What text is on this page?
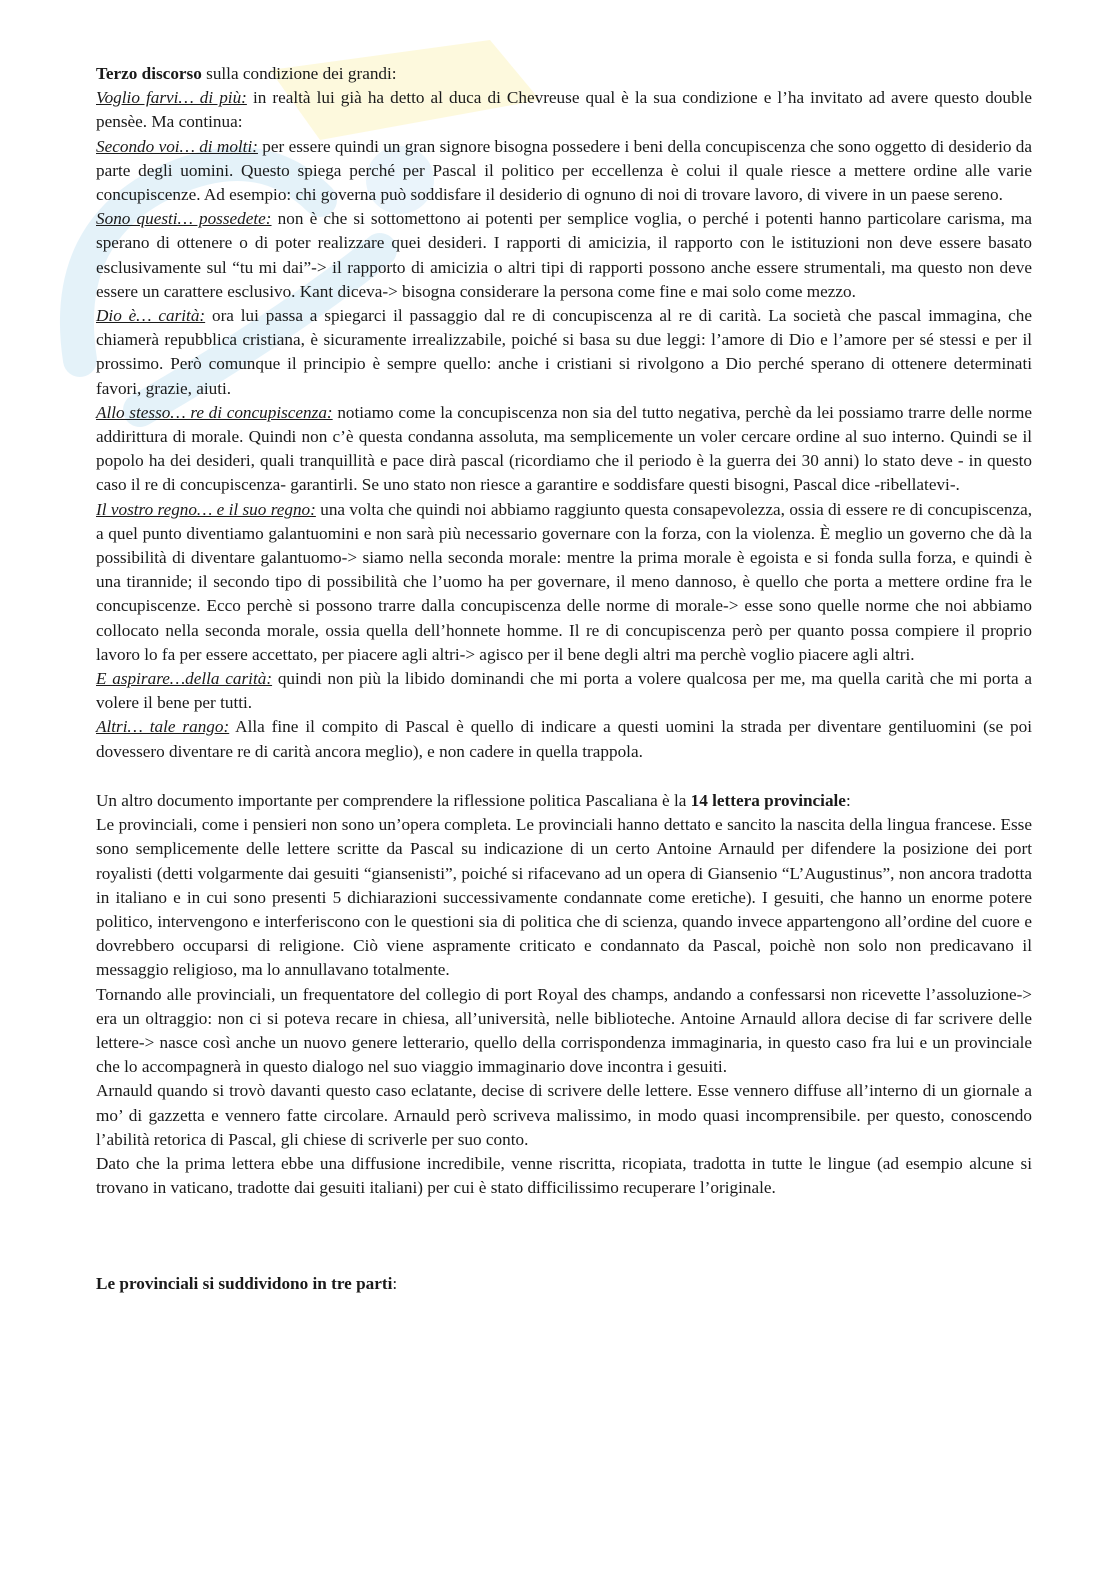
Terzo discorso sulla condizione dei grandi:

Voglio farvi… di più: in realtà lui già ha detto al duca di Chevreuse qual è la sua condizione e l’ha invitato ad avere questo double pensèe. Ma continua:

Secondo voi… di molti: per essere quindi un gran signore bisogna possedere i beni della concupiscenza che sono oggetto di desiderio da parte degli uomini. Questo spiega perché per Pascal il politico per eccellenza è colui il quale riesce a mettere ordine alle varie concupiscenze. Ad esempio: chi governa può soddisfare il desiderio di ognuno di noi di trovare lavoro, di vivere in un paese sereno.

Sono questi… possedete: non è che si sottomettono ai potenti per semplice voglia, o perché i potenti hanno particolare carisma, ma sperano di ottenere o di poter realizzare quei desideri. I rapporti di amicizia, il rapporto con le istituzioni non deve essere basato esclusivamente sul “tu mi dai”-> il rapporto di amicizia o altri tipi di rapporti possono anche essere strumentali, ma questo non deve essere un carattere esclusivo. Kant diceva-> bisogna considerare la persona come fine e mai solo come mezzo.

Dio è… carità: ora lui passa a spiegarci il passaggio dal re di concupiscenza al re di carità. La società che pascal immagina, che chiamerà repubblica cristiana, è sicuramente irrealizzabile, poiché si basa su due leggi: l’amore di Dio e l’amore per sé stessi e per il prossimo. Però comunque il principio è sempre quello: anche i cristiani si rivolgono a Dio perché sperano di ottenere determinati favori, grazie, aiuti.

Allo stesso… re di concupiscenza: notiamo come la concupiscenza non sia del tutto negativa, perchè da lei possiamo trarre delle norme addirittura di morale. Quindi non c’è questa condanna assoluta, ma semplicemente un voler cercare ordine al suo interno. Quindi se il popolo ha dei desideri, quali tranquillità e pace dirà pascal (ricordiamo che il periodo è la guerra dei 30 anni) lo stato deve - in questo caso il re di concupiscenza- garantirli. Se uno stato non riesce a garantire e soddisfare questi bisogni, Pascal dice -ribellatevi-.

Il vostro regno… e il suo regno: una volta che quindi noi abbiamo raggiunto questa consapevolezza, ossia di essere re di concupiscenza, a quel punto diventiamo galantuomini e non sarà più necessario governare con la forza, con la violenza. È meglio un governo che dà la possibilità di diventare galantuomo-> siamo nella seconda morale: mentre la prima morale è egoista e si fonda sulla forza, e quindi è una tirannide; il secondo tipo di possibilità che l’uomo ha per governare, il meno dannoso, è quello che porta a mettere ordine fra le concupiscenze. Ecco perchè si possono trarre dalla concupiscenza delle norme di morale-> esse sono quelle norme che noi abbiamo collocato nella seconda morale, ossia quella dell’honnete homme. Il re di concupiscenza però per quanto possa compiere il proprio lavoro lo fa per essere accettato, per piacere agli altri-> agisco per il bene degli altri ma perchè voglio piacere agli altri.

E aspirare…della carità: quindi non più la libido dominandi che mi porta a volere qualcosa per me, ma quella carità che mi porta a volere il bene per tutti.

Altri… tale rango: Alla fine il compito di Pascal è quello di indicare a questi uomini la strada per diventare gentiluomini (se poi dovessero diventare re di carità ancora meglio), e non cadere in quella trappola.

Un altro documento importante per comprendere la riflessione politica Pascaliana è la 14 lettera provinciale:

Le provinciali, come i pensieri non sono un’opera completa. Le provinciali hanno dettato e sancito la nascita della lingua francese. Esse sono semplicemente delle lettere scritte da Pascal su indicazione di un certo Antoine Arnauld per difendere la posizione dei port royalisti (detti volgarmente dai gesuiti “giansenisti”, poiché si rifacevano ad un opera di Giansenio “L’Augustinus”, non ancora tradotta in italiano e in cui sono presenti 5 dichiarazioni successivamente condannate come eretiche). I gesuiti, che hanno un enorme potere politico, intervengono e interferiscono con le questioni sia di politica che di scienza, quando invece appartengono all’ordine del cuore e dovrebbero occuparsi di religione. Ciò viene aspramente criticato e condannato da Pascal, poichè non solo non predicavano il messaggio religioso, ma lo annullavano totalmente.

Tornando alle provinciali, un frequentatore del collegio di port Royal des champs, andando a confessarsi non ricevette l’assoluzione-> era un oltraggio: non ci si poteva recare in chiesa, all’università, nelle biblioteche. Antoine Arnauld allora decise di far scrivere delle lettere-> nasce così anche un nuovo genere letterario, quello della corrispondenza immaginaria, in questo caso fra lui e un provinciale che lo accompagnerà in questo dialogo nel suo viaggio immaginario dove incontra i gesuiti.

Arnauld quando si trovò davanti questo caso eclatante, decise di scrivere delle lettere. Esse vennero diffuse all’interno di un giornale a mo’ di gazzetta e vennero fatte circolare. Arnauld però scriveva malissimo, in modo quasi incomprensibile. per questo, conoscendo l’abilità retorica di Pascal, gli chiese di scriverle per suo conto.

Dato che la prima lettera ebbe una diffusione incredibile, venne riscritta, ricopiata, tradotta in tutte le lingue (ad esempio alcune si trovano in vaticano, tradotte dai gesuiti italiani) per cui è stato difficilissimo recuperare l’originale.

Le provinciali si suddividono in tre parti:
